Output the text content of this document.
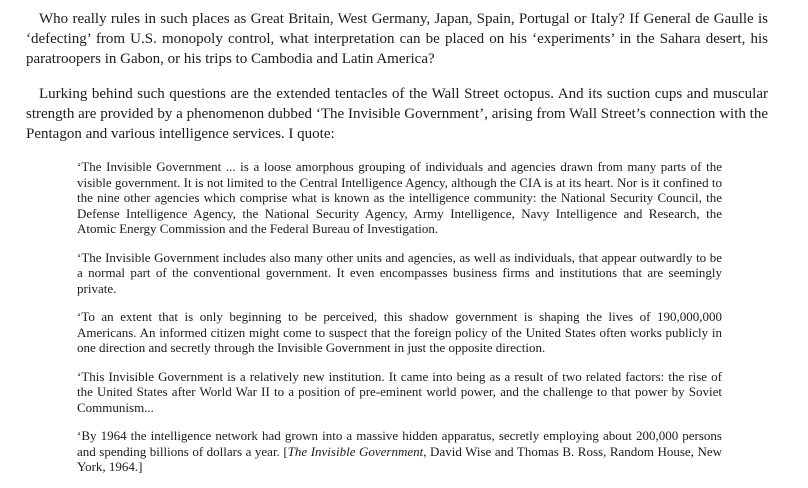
Who really rules in such places as Great Britain, West Germany, Japan, Spain, Portugal or Italy? If General de Gaulle is ‘defecting’ from U.S. monopoly control, what interpretation can be placed on his ‘experiments’ in the Sahara desert, his paratroopers in Gabon, or his trips to Cambodia and Latin America?

Lurking behind such questions are the extended tentacles of the Wall Street octopus. And its suction cups and muscular strength are provided by a phenomenon dubbed ‘The Invisible Government’, arising from Wall Street’s connection with the Pentagon and various intelligence services. I quote:

‘The Invisible Government ... is a loose amorphous grouping of individuals and agencies drawn from many parts of the visible government. It is not limited to the Central Intelligence Agency, although the CIA is at its heart. Nor is it confined to the nine other agencies which comprise what is known as the intelligence community: the National Security Council, the Defense Intelligence Agency, the National Security Agency, Army Intelligence, Navy Intelligence and Research, the Atomic Energy Commission and the Federal Bureau of Investigation.

‘The Invisible Government includes also many other units and agencies, as well as individuals, that appear outwardly to be a normal part of the conventional government. It even encompasses business firms and institutions that are seemingly private.

‘To an extent that is only beginning to be perceived, this shadow government is shaping the lives of 190,000,000 Americans. An informed citizen might come to suspect that the foreign policy of the United States often works publicly in one direction and secretly through the Invisible Government in just the opposite direction.

‘This Invisible Government is a relatively new institution. It came into being as a result of two related factors: the rise of the United States after World War II to a position of pre-eminent world power, and the challenge to that power by Soviet Communism...

‘By 1964 the intelligence network had grown into a massive hidden apparatus, secretly employing about 200,000 persons and spending billions of dollars a year. [The Invisible Government, David Wise and Thomas B. Ross, Random House, New York, 1964.]
